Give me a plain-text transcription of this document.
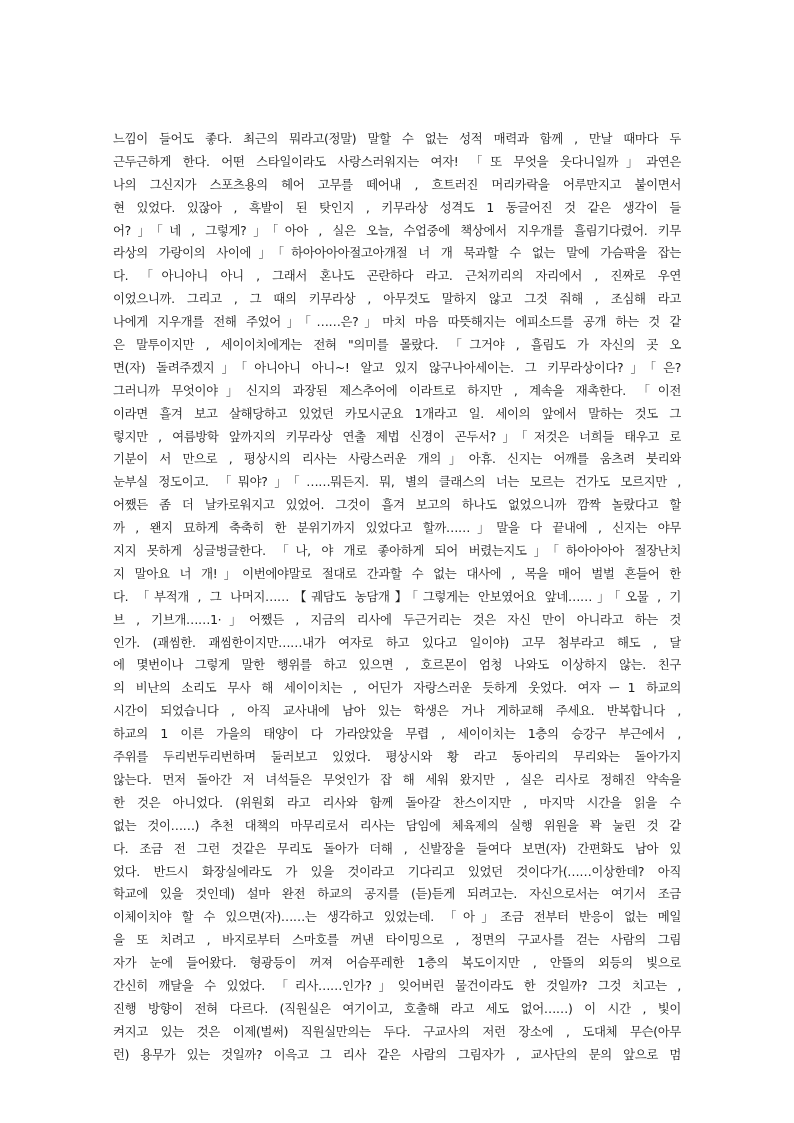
느낌이 들어도 좋다. 최근의 뭐라고(정말) 말할 수 없는 성적 매력과 함께 , 만날 때마다 두
근두근하게 한다. 어떤 스타일이라도 사랑스러워지는 여자! 「또 무엇을 웃다니일까」과연은
나의 그신지가 스포츠용의 헤어 고무를 떼어내 , 흐트러진 머리카락을 어루만지고 붙이면서
현 있었다. 있잖아 , 흑발이 된 탓인지 , 키무라상 성격도 1 동글어진 것 같은 생각이 들
어?」「네 , 그렇게?」「아아 , 실은 오늘, 수업중에 책상에서 지우개를 흘림기다렸어. 키무
라상의 가랑이의 사이에」「하아아아아절고아개절 너 개 묵과할 수 없는 말에 가슴팍을 잡는
다. 「아니아니 아니 , 그래서 혼나도 곤란하다 라고. 근처끼리의 자리에서 , 진짜로 우연
이었으니까. 그리고 , 그 때의 키무라상 , 아무것도 말하지 않고 그것 줘해 , 조심해 라고
나에게 지우개를 전해 주었어」「……은?」마치 마음 따뜻해지는 에피소드를 공개 하는 것 같
은 말투이지만 , 세이이치에게는 전혀 "의미를 몰랐다. 「그거야 , 흘림도 가 자신의 곳 오
면(자) 돌려주겠지」「아니아니 아니~! 알고 있지 않구나아세이는. 그 키무라상이다?」「은?
그러니까 무엇이야」신지의 과장된 제스추어에 이라트로 하지만 , 계속을 재촉한다. 「이전
이라면 흘겨 보고 살해당하고 있었던 카모시군요 1개라고 일. 세이의 앞에서 말하는 것도 그
렇지만 , 여름방학 앞까지의 키무라상 연출 제법 신경이 곤두서?」「저것은 너희들 태우고 로
기분이 서 만으로 , 평상시의 리사는 사랑스러운 개의」아휴. 신지는 어깨를 움츠려 붓리와
눈부실 정도이고. 「뭐야?」「……뭐든지. 뭐, 별의 클래스의 너는 모르는 건가도 모르지만 ,
어쨌든 좀 더 날카로워지고 있었어. 그것이 흘겨 보고의 하나도 없었으니까 깜짝 놀랐다고 할
까 , 왠지 묘하게 축축히 한 분위기까지 있었다고 할까……」말을 다 끝내에 , 신지는 야무
지지 못하게 싱글벙글한다. 「나, 야 개로 좋아하게 되어 버렸는지도」「하아아아아 절장난치
지 말아요 너 개!」이번에야말로 절대로 간과할 수 없는 대사에 , 목을 매어 벌벌 흔들어 한
다. 「부적개 , 그 나머지……【궤담도 농담개】「그렇게는 안보였어요 앞네……」「오물 , 기
브 , 기브개……1·」어쨌든 , 지금의 리사에 두근거리는 것은 자신 만이 아니라고 하는 것
인가. (괘씸한. 괘씸한이지만……내가 여자로 하고 있다고 일이야) 고무 첨부라고 해도 , 달
에 몇번이나 그렇게 말한 행위를 하고 있으면 , 호르몬이 엄청 나와도 이상하지 않는. 친구
의 비난의 소리도 무사 해 세이이치는 , 어딘가 자랑스러운 듯하게 웃었다. 여자ー1 하교의
시간이 되었습니다 , 아직 교사내에 남아 있는 학생은 거나 게하교해 주세요. 반복합니다 ,
하교의 1 이른 가을의 태양이 다 가라앉았을 무렵 , 세이이치는 1층의 승강구 부근에서 ,
주위를 두리번두리번하며 둘러보고 있었다. 평상시와 황 라고 동아리의 무리와는 돌아가지
않는다. 먼저 돌아간 저 녀석들은 무엇인가 잡 해 세워 왔지만 , 실은 리사로 정해진 약속을
한 것은 아니었다. (위원회 라고 리사와 함께 돌아갈 찬스이지만 , 마지막 시간을 읽을 수
없는 것이……) 추천 대책의 마무리로서 리사는 담임에 체육제의 실행 위원을 꽉 눌린 것 같
다. 조금 전 그런 것같은 무리도 돌아가 더해 , 신발장을 들여다 보면(자) 간편화도 남아 있
었다. 반드시 화장실에라도 가 있을 것이라고 기다리고 있었던 것이다가(……이상한데? 아직
학교에 있을 것인데) 설마 완전 하교의 공지를 (듣)듣게 되려고는. 자신으로서는 여기서 조금
이체이치야 할 수 있으면(자)……는 생각하고 있었는데. 「아」조금 전부터 반응이 없는 메일
을 또 치려고 , 바지로부터 스마호를 꺼낸 타이밍으로 , 정면의 구교사를 걷는 사람의 그림
자가 눈에 들어왔다. 형광등이 꺼져 어슴푸레한 1층의 복도이지만 , 안뜰의 외등의 빛으로
간신히 깨달을 수 있었다. 「리사……인가?」잊어버린 물건이라도 한 것일까? 그것 치고는 ,
진행 방향이 전혀 다르다. (직원실은 여기이고, 호출해 라고 세도 없어……) 이 시간 , 빛이
켜지고 있는 것은 이제(벌써) 직원실만의는 두다. 구교사의 저런 장소에 , 도대체 무슨(아무
런) 용무가 있는 것일까? 이윽고 그 리사 같은 사람의 그림자가 , 교사단의 문의 앞으로 멈
